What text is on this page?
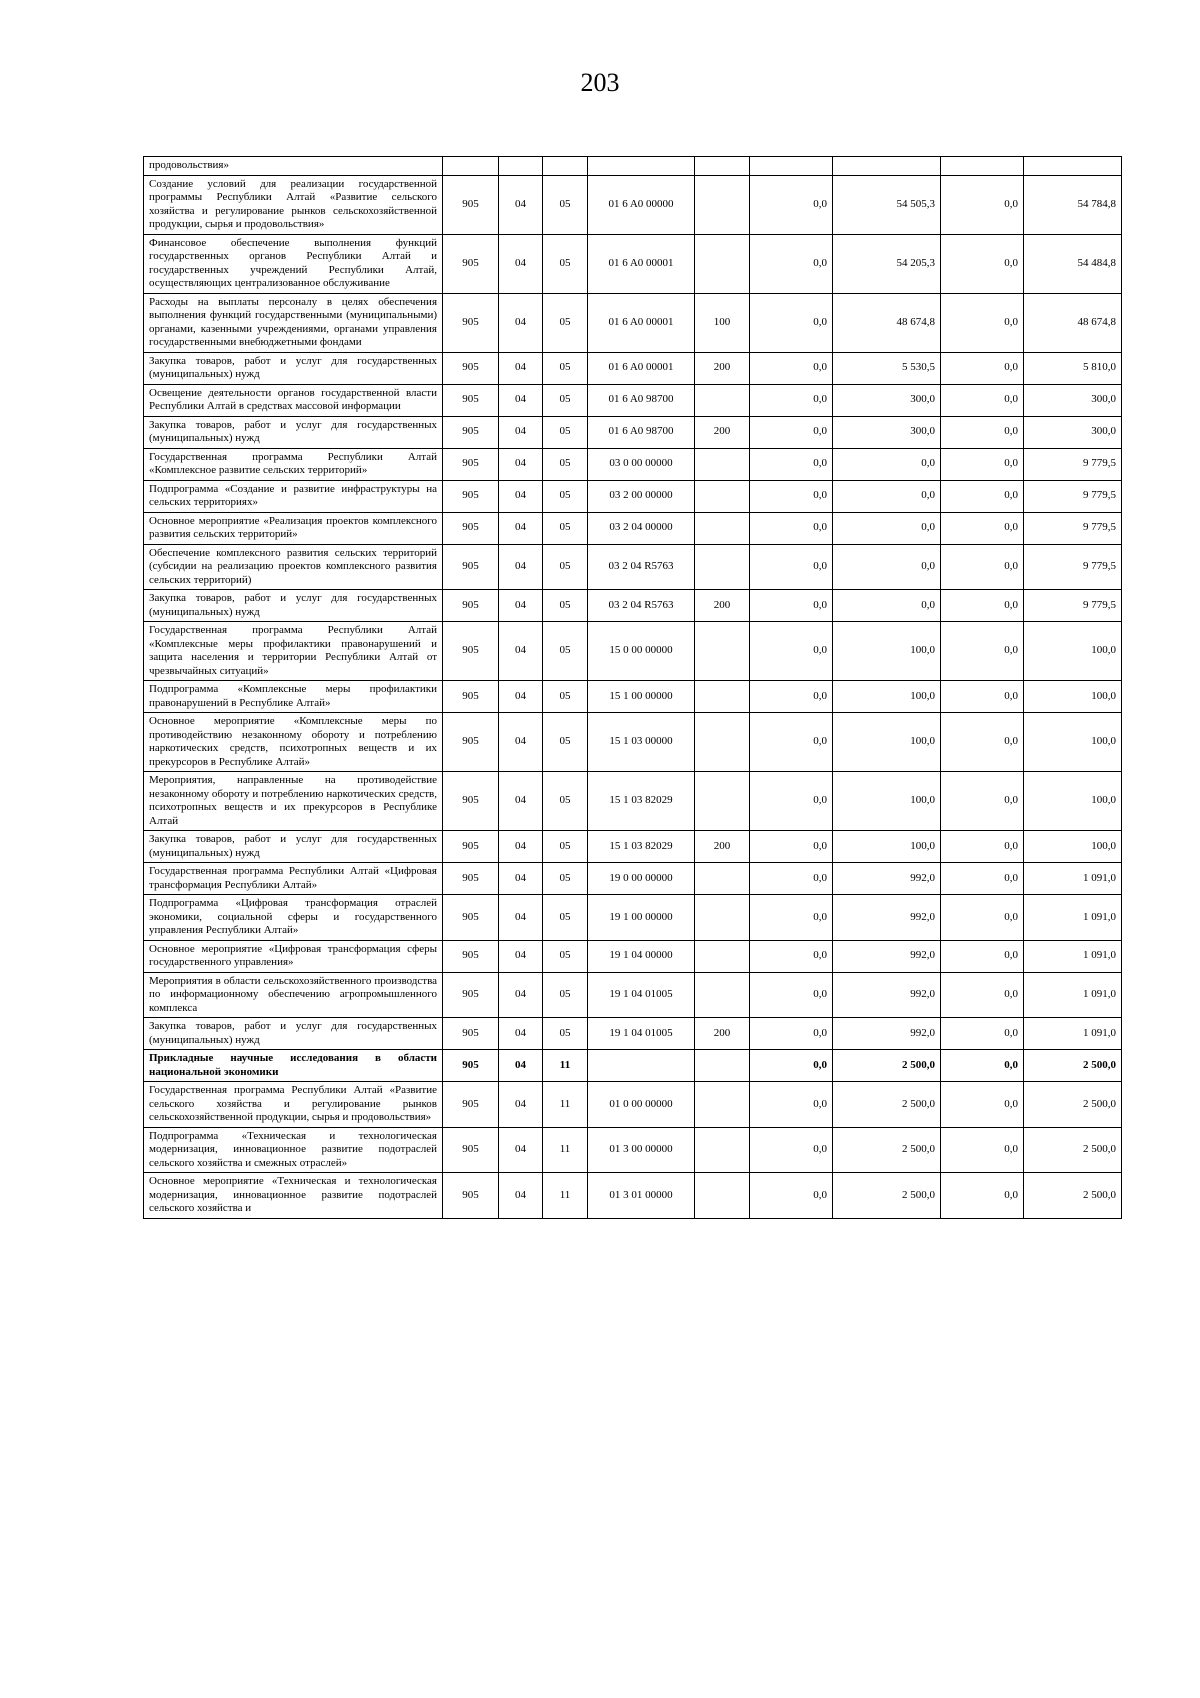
203
продовольствия»									
Создание условий для реализации государственной программы Республики Алтай «Развитие сельского хозяйства и регулирование рынков сельскохозяйственной продукции, сырья и продовольствия»	905	04	05	01 6 A0 00000		0,0	54 505,3	0,0	54 784,8
Финансовое обеспечение выполнения функций государственных органов Республики Алтай и государственных учреждений Республики Алтай, осуществляющих централизованное обслуживание	905	04	05	01 6 A0 00001		0,0	54 205,3	0,0	54 484,8
Расходы на выплаты персоналу в целях обеспечения выполнения функций государственными (муниципальными) органами, казенными учреждениями, органами управления государственными внебюджетными фондами	905	04	05	01 6 A0 00001	100	0,0	48 674,8	0,0	48 674,8
Закупка товаров, работ и услуг для государственных (муниципальных) нужд	905	04	05	01 6 A0 00001	200	0,0	5 530,5	0,0	5 810,0
Освещение деятельности органов государственной власти Республики Алтай в средствах массовой информации	905	04	05	01 6 A0 98700		0,0	300,0	0,0	300,0
Закупка товаров, работ и услуг для государственных (муниципальных) нужд	905	04	05	01 6 A0 98700	200	0,0	300,0	0,0	300,0
Государственная программа Республики Алтай «Комплексное развитие сельских территорий»	905	04	05	03 0 00 00000		0,0	0,0	0,0	9 779,5
Подпрограмма «Создание и развитие инфраструктуры на сельских территориях»	905	04	05	03 2 00 00000		0,0	0,0	0,0	9 779,5
Основное мероприятие «Реализация проектов комплексного развития сельских территорий»	905	04	05	03 2 04 00000		0,0	0,0	0,0	9 779,5
Обеспечение комплексного развития сельских территорий (субсидии на реализацию проектов комплексного развития сельских территорий)	905	04	05	03 2 04 R5763		0,0	0,0	0,0	9 779,5
Закупка товаров, работ и услуг для государственных (муниципальных) нужд	905	04	05	03 2 04 R5763	200	0,0	0,0	0,0	9 779,5
Государственная программа Республики Алтай «Комплексные меры профилактики правонарушений и защита населения и территории Республики Алтай от чрезвычайных ситуаций»	905	04	05	15 0 00 00000		0,0	100,0	0,0	100,0
Подпрограмма «Комплексные меры профилактики правонарушений в Республике Алтай»	905	04	05	15 1 00 00000		0,0	100,0	0,0	100,0
Основное мероприятие «Комплексные меры по противодействию незаконному обороту и потреблению наркотических средств, психотропных веществ и их прекурсоров в Республике Алтай»	905	04	05	15 1 03 00000		0,0	100,0	0,0	100,0
Мероприятия, направленные на противодействие незаконному обороту и потреблению наркотических средств, психотропных веществ и их прекурсоров в Республике Алтай	905	04	05	15 1 03 82029		0,0	100,0	0,0	100,0
Закупка товаров, работ и услуг для государственных (муниципальных) нужд	905	04	05	15 1 03 82029	200	0,0	100,0	0,0	100,0
Государственная программа Республики Алтай «Цифровая трансформация Республики Алтай»	905	04	05	19 0 00 00000		0,0	992,0	0,0	1 091,0
Подпрограмма «Цифровая трансформация отраслей экономики, социальной сферы и государственного управления Республики Алтай»	905	04	05	19 1 00 00000		0,0	992,0	0,0	1 091,0
Основное мероприятие «Цифровая трансформация сферы государственного управления»	905	04	05	19 1 04 00000		0,0	992,0	0,0	1 091,0
Мероприятия в области сельскохозяйственного производства по информационному обеспечению агропромышленного комплекса	905	04	05	19 1 04 01005		0,0	992,0	0,0	1 091,0
Закупка товаров, работ и услуг для государственных (муниципальных) нужд	905	04	05	19 1 04 01005	200	0,0	992,0	0,0	1 091,0
Прикладные научные исследования в области национальной экономики	905	04	11			0,0	2 500,0	0,0	2 500,0
Государственная программа Республики Алтай «Развитие сельского хозяйства и регулирование рынков сельскохозяйственной продукции, сырья и продовольствия»	905	04	11	01 0 00 00000		0,0	2 500,0	0,0	2 500,0
Подпрограмма «Техническая и технологическая модернизация, инновационное развитие подотраслей сельского хозяйства и смежных отраслей»	905	04	11	01 3 00 00000		0,0	2 500,0	0,0	2 500,0
Основное мероприятие «Техническая и технологическая модернизация, инновационное развитие подотраслей сельского хозяйства и	905	04	11	01 3 01 00000		0,0	2 500,0	0,0	2 500,0
